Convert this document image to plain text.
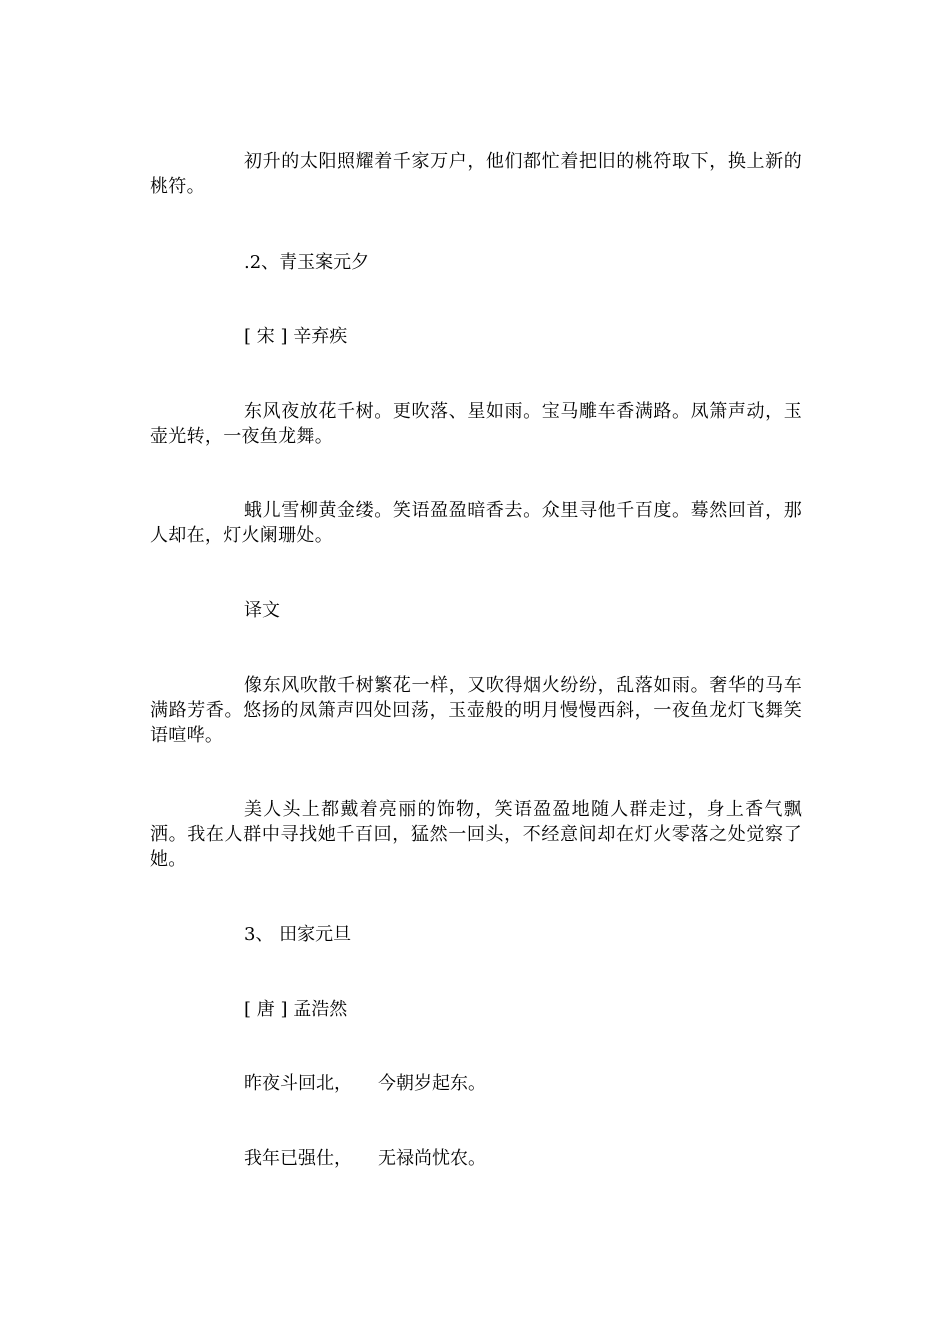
初升的太阳照耀着千家万户，他们都忙着把旧的桃符取下，换上新的桃符。

.2、青玉案元夕

[ 宋 ] 辛弃疾

东风夜放花千树。更吹落、星如雨。宝马雕车香满路。凤箫声动，玉壶光转，一夜鱼龙舞。

蛾儿雪柳黄金缕。笑语盈盈暗香去。众里寻他千百度。蓦然回首，那人却在，灯火阑珊处。

译文

像东风吹散千树繁花一样，又吹得烟火纷纷，乱落如雨。奢华的马车满路芳香。悠扬的凤箫声四处回荡，玉壶般的明月慢慢西斜，一夜鱼龙灯飞舞笑语喧哗。

美人头上都戴着亮丽的饰物，笑语盈盈地随人群走过，身上香气飘洒。我在人群中寻找她千百回，猛然一回头，不经意间却在灯火零落之处觉察了她。

3、 田家元旦

[ 唐 ] 孟浩然

昨夜斗回北， 今朝岁起东。

我年已强仕， 无禄尚忧农。
